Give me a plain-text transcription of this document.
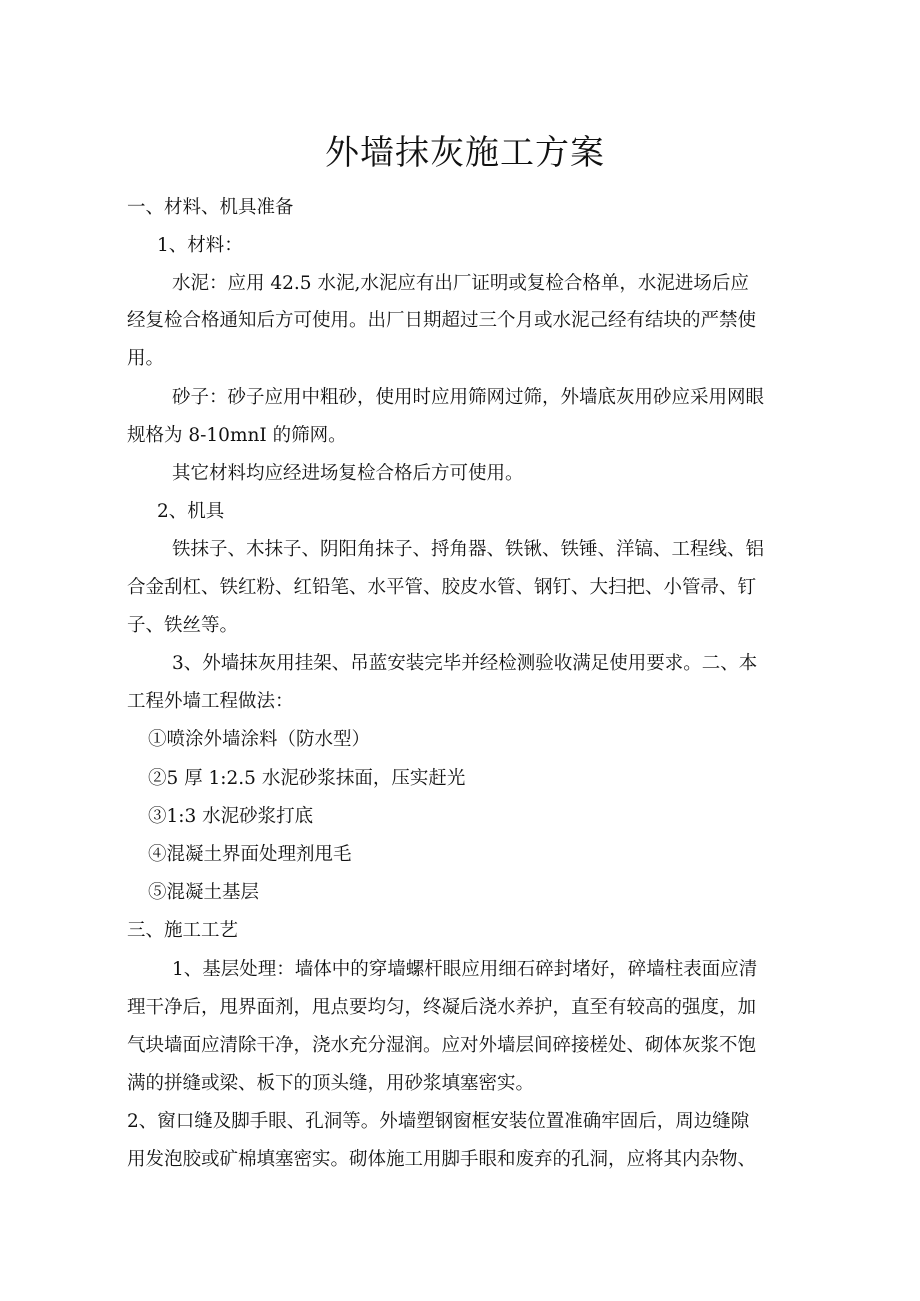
外墙抹灰施工方案
一、材料、机具准备
1、材料：
水泥：应用 42.5 水泥,水泥应有出厂证明或复检合格单，水泥进场后应
经复检合格通知后方可使用。出厂日期超过三个月或水泥己经有结块的严禁使
用。
砂子：砂子应用中粗砂，使用时应用筛网过筛，外墙底灰用砂应采用网眼
规格为 8-10mnI 的筛网。
其它材料均应经进场复检合格后方可使用。
2、机具
铁抹子、木抹子、阴阳角抹子、捋角器、铁锹、铁锤、洋镐、工程线、铝
合金刮杠、铁红粉、红铅笔、水平管、胶皮水管、钢钉、大扫把、小管帚、钉
子、铁丝等。
3、外墙抹灰用挂架、吊蓝安装完毕并经检测验收满足使用要求。二、本
工程外墙工程做法：
①喷涂外墙涂料（防水型）
②5 厚 1:2.5 水泥砂浆抹面，压实赶光
③1:3 水泥砂浆打底
④混凝土界面处理剂甩毛
⑤混凝土基层
三、施工工艺
1、基层处理：墙体中的穿墙螺杆眼应用细石碎封堵好，碎墙柱表面应清
理干净后，甩界面剂，甩点要均匀，终凝后浇水养护，直至有较高的强度，加
气块墙面应清除干净，浇水充分湿润。应对外墙层间碎接槎处、砌体灰浆不饱
满的拼缝或梁、板下的顶头缝，用砂浆填塞密实。
2、窗口缝及脚手眼、孔洞等。外墙塑钢窗框安装位置准确牢固后，周边缝隙
用发泡胶或矿棉填塞密实。砌体施工用脚手眼和废弃的孔洞，应将其内杂物、
